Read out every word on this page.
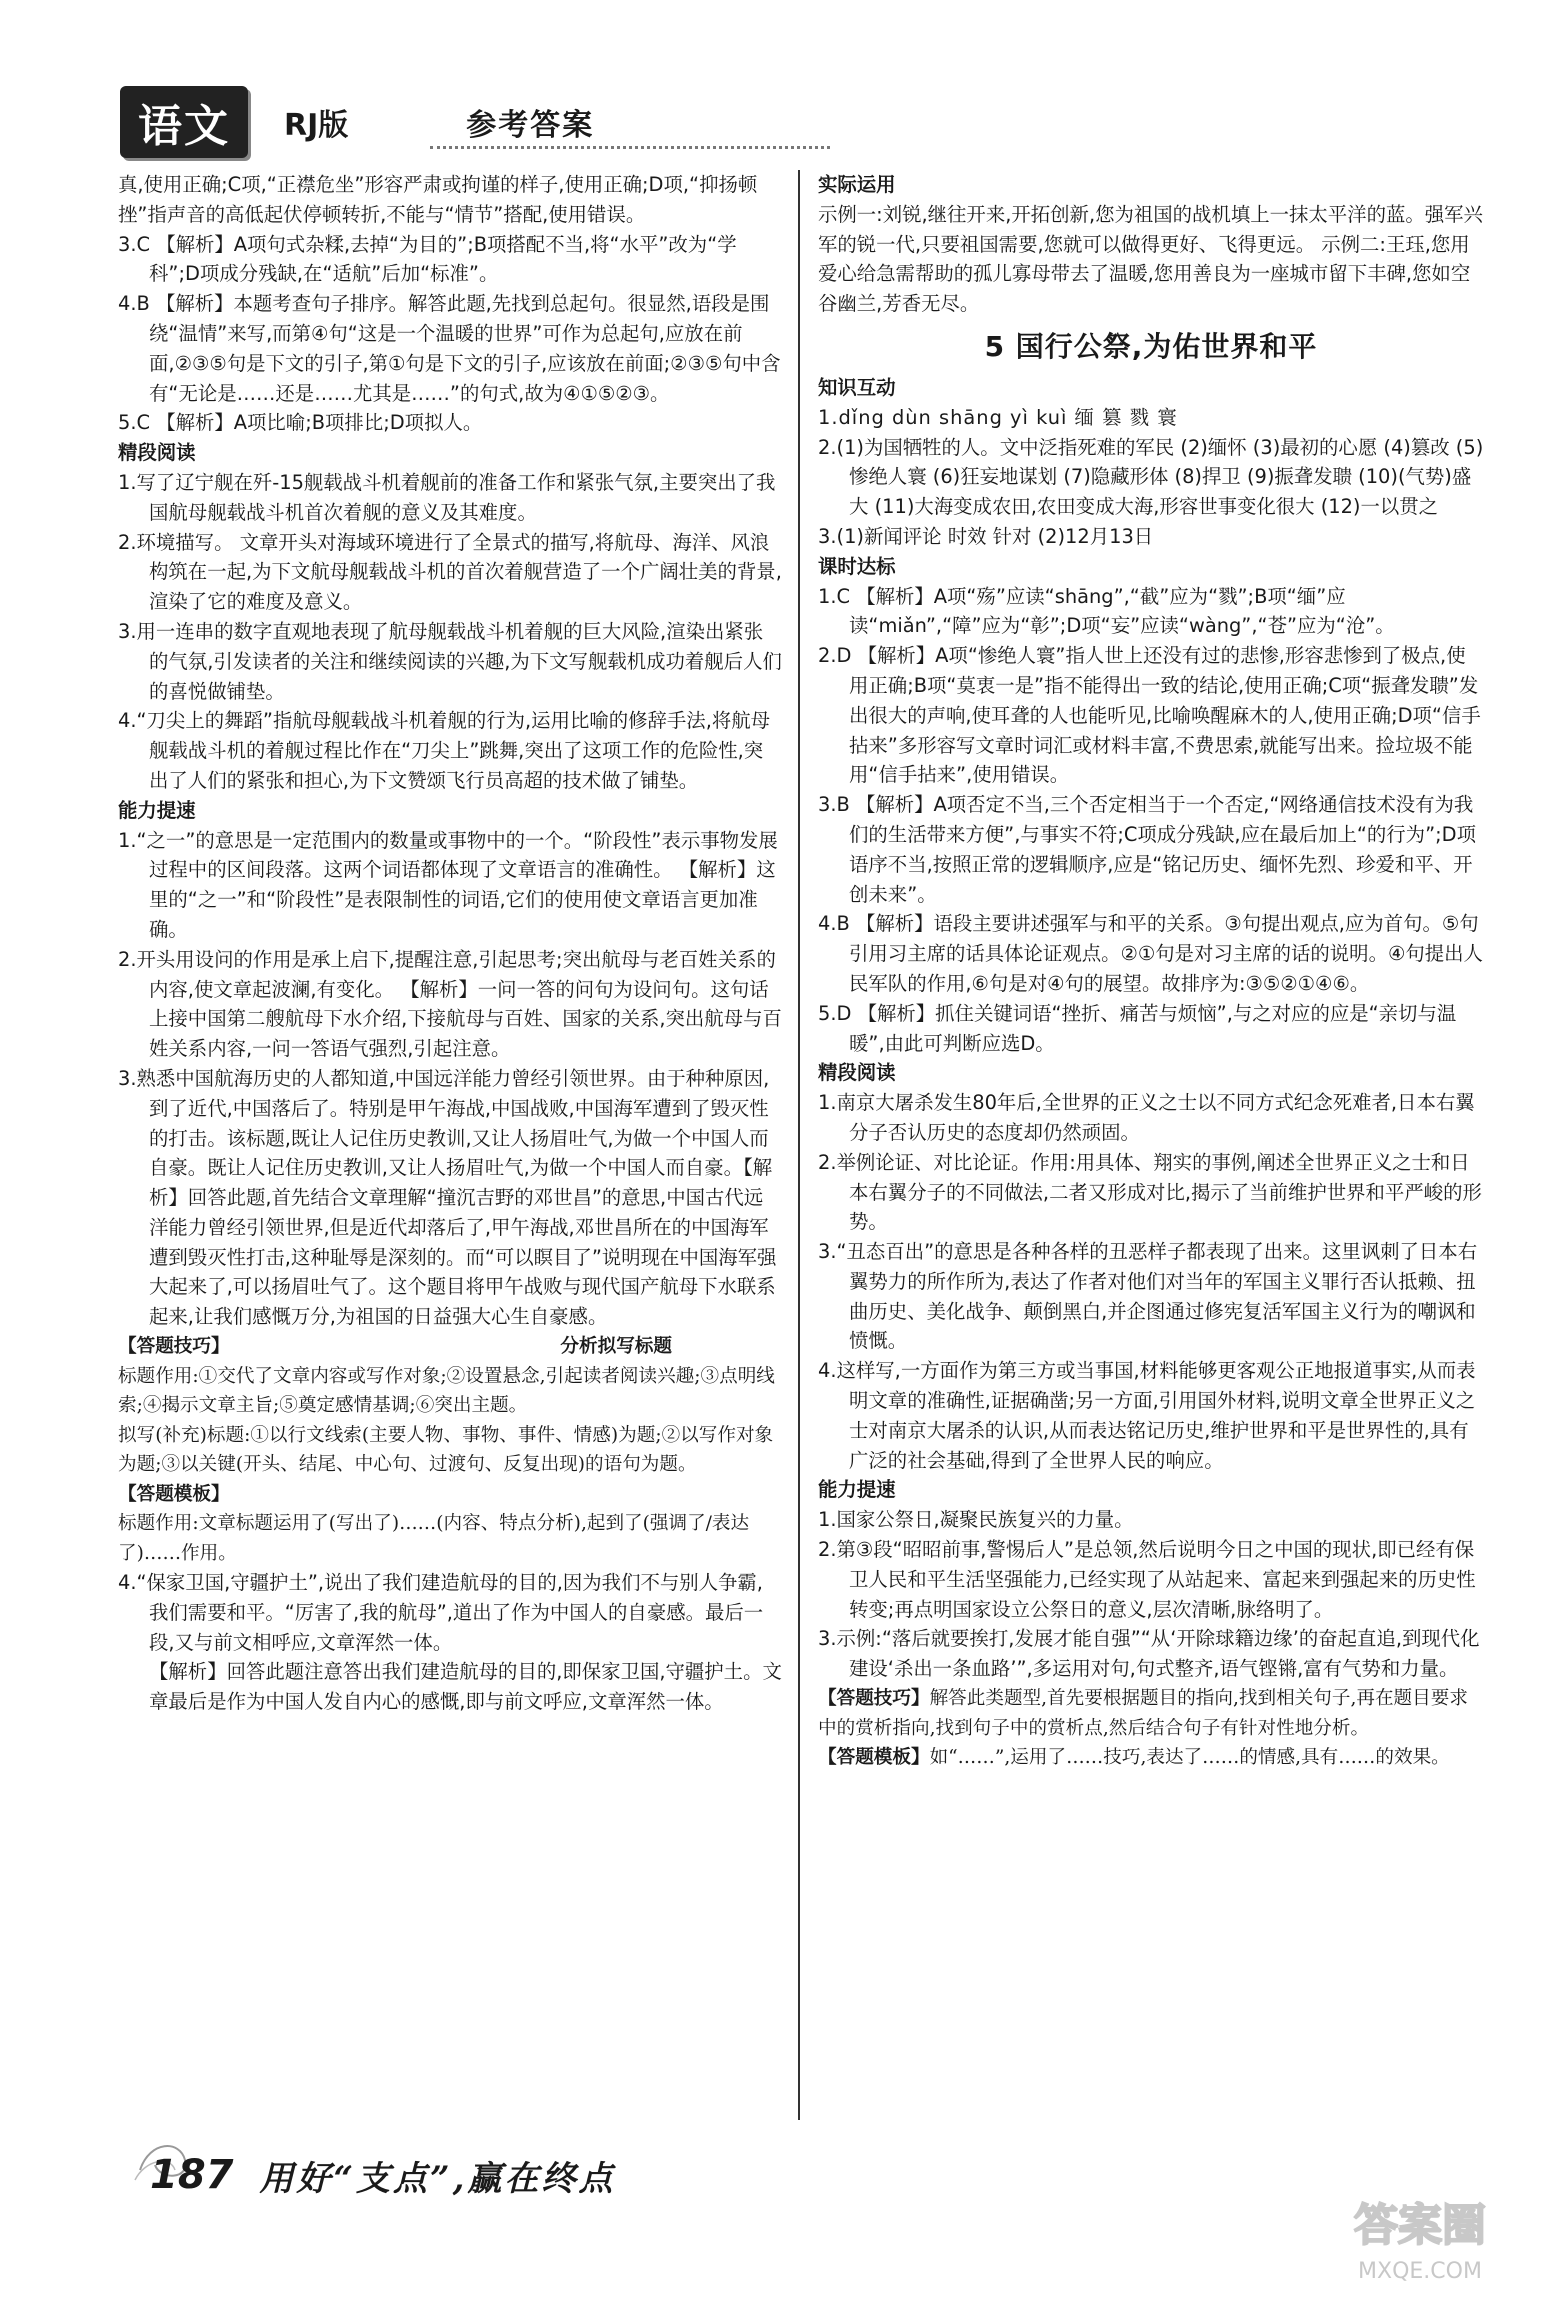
语文	RJ版	参考答案

真,使用正确;C项,“正襟危坐”形容严肃或拘谨的样子,使用正确;D项,“抑扬顿挫”指声音的高低起伏停顿转折,不能与“情节”搭配,使用错误。

3.C 【解析】A项句式杂糅,去掉“为目的”;B项搭配不当,将“水平”改为“学科”;D项成分残缺,在“适航”后加“标准”。

4.B 【解析】本题考查句子排序。解答此题,先找到总起句。很显然,语段是围绕“温情”来写,而第④句“这是一个温暖的世界”可作为总起句,应放在前面,②③⑤句是下文的引子,第①句是下文的引子,应该放在前面;②③⑤句中含有“无论是……还是……尤其是……”的句式,故为④①⑤②③。

5.C 【解析】A项比喻;B项排比;D项拟人。

精段阅读

1.写了辽宁舰在歼-15舰载战斗机着舰前的准备工作和紧张气氛,主要突出了我国航母舰载战斗机首次着舰的意义及其难度。

2.环境描写。 文章开头对海域环境进行了全景式的描写,将航母、海洋、风浪构筑在一起,为下文航母舰载战斗机的首次着舰营造了一个广阔壮美的背景,渲染了它的难度及意义。

3.用一连串的数字直观地表现了航母舰载战斗机着舰的巨大风险,渲染出紧张的气氛,引发读者的关注和继续阅读的兴趣,为下文写舰载机成功着舰后人们的喜悦做铺垫。

4.“刀尖上的舞蹈”指航母舰载战斗机着舰的行为,运用比喻的修辞手法,将航母舰载战斗机的着舰过程比作在“刀尖上”跳舞,突出了这项工作的危险性,突出了人们的紧张和担心,为下文赞颂飞行员高超的技术做了铺垫。

能力提速

1.“之一”的意思是一定范围内的数量或事物中的一个。“阶段性”表示事物发展过程中的区间段落。这两个词语都体现了文章语言的准确性。 【解析】这里的“之一”和“阶段性”是表限制性的词语,它们的使用使文章语言更加准确。

2.开头用设问的作用是承上启下,提醒注意,引起思考;突出航母与老百姓关系的内容,使文章起波澜,有变化。 【解析】一问一答的问句为设问句。这句话上接中国第二艘航母下水介绍,下接航母与百姓、国家的关系,突出航母与百姓关系内容,一问一答语气强烈,引起注意。

3.熟悉中国航海历史的人都知道,中国远洋能力曾经引领世界。由于种种原因,到了近代,中国落后了。特别是甲午海战,中国战败,中国海军遭到了毁灭性的打击。该标题,既让人记住历史教训,又让人扬眉吐气,为做一个中国人而自豪。既让人记住历史教训,又让人扬眉吐气,为做一个中国人而自豪。【解析】回答此题,首先结合文章理解“撞沉吉野的邓世昌”的意思,中国古代远洋能力曾经引领世界,但是近代却落后了,甲午海战,邓世昌所在的中国海军遭到毁灭性打击,这种耻辱是深刻的。而“可以瞑目了”说明现在中国海军强大起来了,可以扬眉吐气了。这个题目将甲午战败与现代国产航母下水联系起来,让我们感慨万分,为祖国的日益强大心生自豪感。

【答题技巧】	分析拟写标题

标题作用:①交代了文章内容或写作对象;②设置悬念,引起读者阅读兴趣;③点明线索;④揭示文章主旨;⑤奠定感情基调;⑥突出主题。

拟写(补充)标题:①以行文线索(主要人物、事物、事件、情感)为题;②以写作对象为题;③以关键(开头、结尾、中心句、过渡句、反复出现)的语句为题。

【答题模板】

标题作用:文章标题运用了(写出了)……(内容、特点分析),起到了(强调了/表达了)……作用。

4.“保家卫国,守疆护土”,说出了我们建造航母的目的,因为我们不与别人争霸,我们需要和平。“厉害了,我的航母”,道出了作为中国人的自豪感。最后一段,又与前文相呼应,文章浑然一体。

【解析】回答此题注意答出我们建造航母的目的,即保家卫国,守疆护土。文章最后是作为中国人发自内心的感慨,即与前文呼应,文章浑然一体。

实际运用

示例一:刘锐,继往开来,开拓创新,您为祖国的战机填上一抹太平洋的蓝。强军兴军的锐一代,只要祖国需要,您就可以做得更好、飞得更远。 示例二:王珏,您用爱心给急需帮助的孤儿寡母带去了温暖,您用善良为一座城市留下丰碑,您如空谷幽兰,芳香无尽。

5 国行公祭,为佑世界和平

知识互动

1.dǐng dùn shāng yì kuì 缅 篡 戮 寰

2.(1)为国牺牲的人。文中泛指死难的军民 (2)缅怀 (3)最初的心愿 (4)篡改 (5)惨绝人寰 (6)狂妄地谋划 (7)隐藏形体 (8)捍卫 (9)振聋发聩 (10)(气势)盛大 (11)大海变成农田,农田变成大海,形容世事变化很大 (12)一以贯之

3.(1)新闻评论 时效 针对 (2)12月13日

课时达标

1.C 【解析】A项“殇”应读“shāng”,“截”应为“戮”;B项“缅”应读“miǎn”,“障”应为“彰”;D项“妄”应读“wàng”,“苍”应为“沧”。

2.D 【解析】A项“惨绝人寰”指人世上还没有过的悲惨,形容悲惨到了极点,使用正确;B项“莫衷一是”指不能得出一致的结论,使用正确;C项“振聋发聩”发出很大的声响,使耳聋的人也能听见,比喻唤醒麻木的人,使用正确;D项“信手拈来”多形容写文章时词汇或材料丰富,不费思索,就能写出来。捡垃圾不能用“信手拈来”,使用错误。

3.B 【解析】A项否定不当,三个否定相当于一个否定,“网络通信技术没有为我们的生活带来方便”,与事实不符;C项成分残缺,应在最后加上“的行为”;D项语序不当,按照正常的逻辑顺序,应是“铭记历史、缅怀先烈、珍爱和平、开创未来”。

4.B 【解析】语段主要讲述强军与和平的关系。③句提出观点,应为首句。⑤句引用习主席的话具体论证观点。②①句是对习主席的话的说明。④句提出人民军队的作用,⑥句是对④句的展望。故排序为:③⑤②①④⑥。

5.D 【解析】抓住关键词语“挫折、痛苦与烦恼”,与之对应的应是“亲切与温暖”,由此可判断应选D。

精段阅读

1.南京大屠杀发生80年后,全世界的正义之士以不同方式纪念死难者,日本右翼分子否认历史的态度却仍然顽固。

2.举例论证、对比论证。作用:用具体、翔实的事例,阐述全世界正义之士和日本右翼分子的不同做法,二者又形成对比,揭示了当前维护世界和平严峻的形势。

3.“丑态百出”的意思是各种各样的丑恶样子都表现了出来。这里讽刺了日本右翼势力的所作所为,表达了作者对他们对当年的军国主义罪行否认抵赖、扭曲历史、美化战争、颠倒黑白,并企图通过修宪复活军国主义行为的嘲讽和愤慨。

4.这样写,一方面作为第三方或当事国,材料能够更客观公正地报道事实,从而表明文章的准确性,证据确凿;另一方面,引用国外材料,说明文章全世界正义之士对南京大屠杀的认识,从而表达铭记历史,维护世界和平是世界性的,具有广泛的社会基础,得到了全世界人民的响应。

能力提速

1.国家公祭日,凝聚民族复兴的力量。

2.第③段“昭昭前事,警惕后人”是总领,然后说明今日之中国的现状,即已经有保卫人民和平生活坚强能力,已经实现了从站起来、富起来到强起来的历史性转变;再点明国家设立公祭日的意义,层次清晰,脉络明了。

3.示例:“落后就要挨打,发展才能自强”“从‘开除球籍边缘’的奋起直追,到现代化建设‘杀出一条血路’”,多运用对句,句式整齐,语气铿锵,富有气势和力量。

【答题技巧】解答此类题型,首先要根据题目的指向,找到相关句子,再在题目要求中的赏析指向,找到句子中的赏析点,然后结合句子有针对性地分析。

【答题模板】如“……”,运用了……技巧,表达了……的情感,具有……的效果。

187 用好“支点”,赢在终点
答案圈
MXQE.COM
